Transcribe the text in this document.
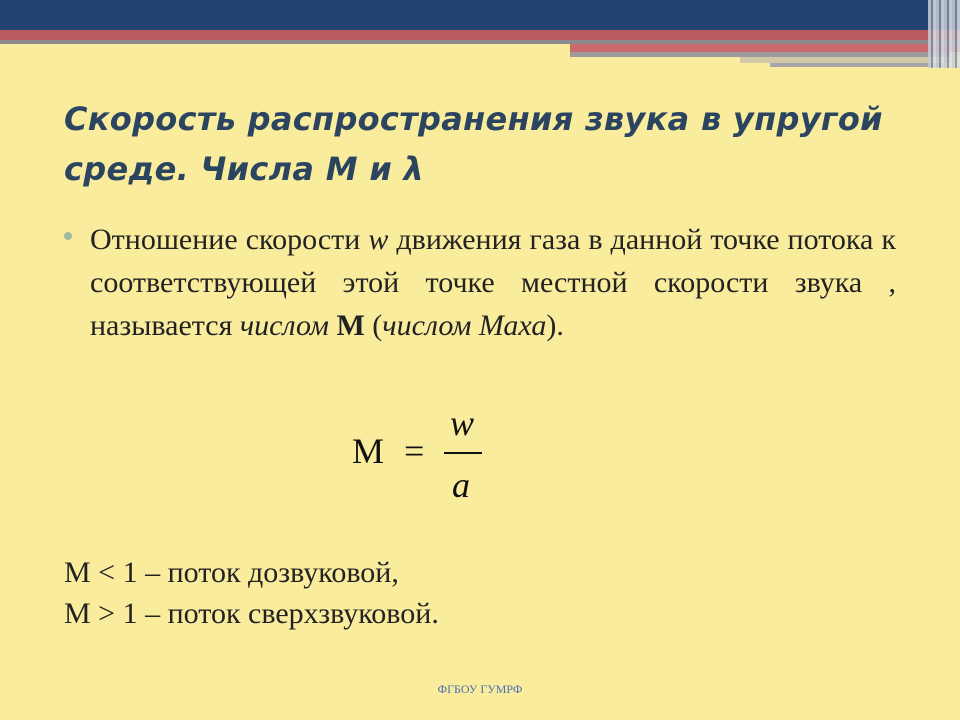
Скорость распространения звука в упругой среде. Числа М и λ

Отношение скорости w движения газа в данной точке потока к соответствующей этой точке местной скорости звука , называется числом М (числом Маха).

M =
w
a

М < 1 – поток дозвуковой,

М > 1 – поток сверхзвуковой.

ФГБОУ ГУМРФ
